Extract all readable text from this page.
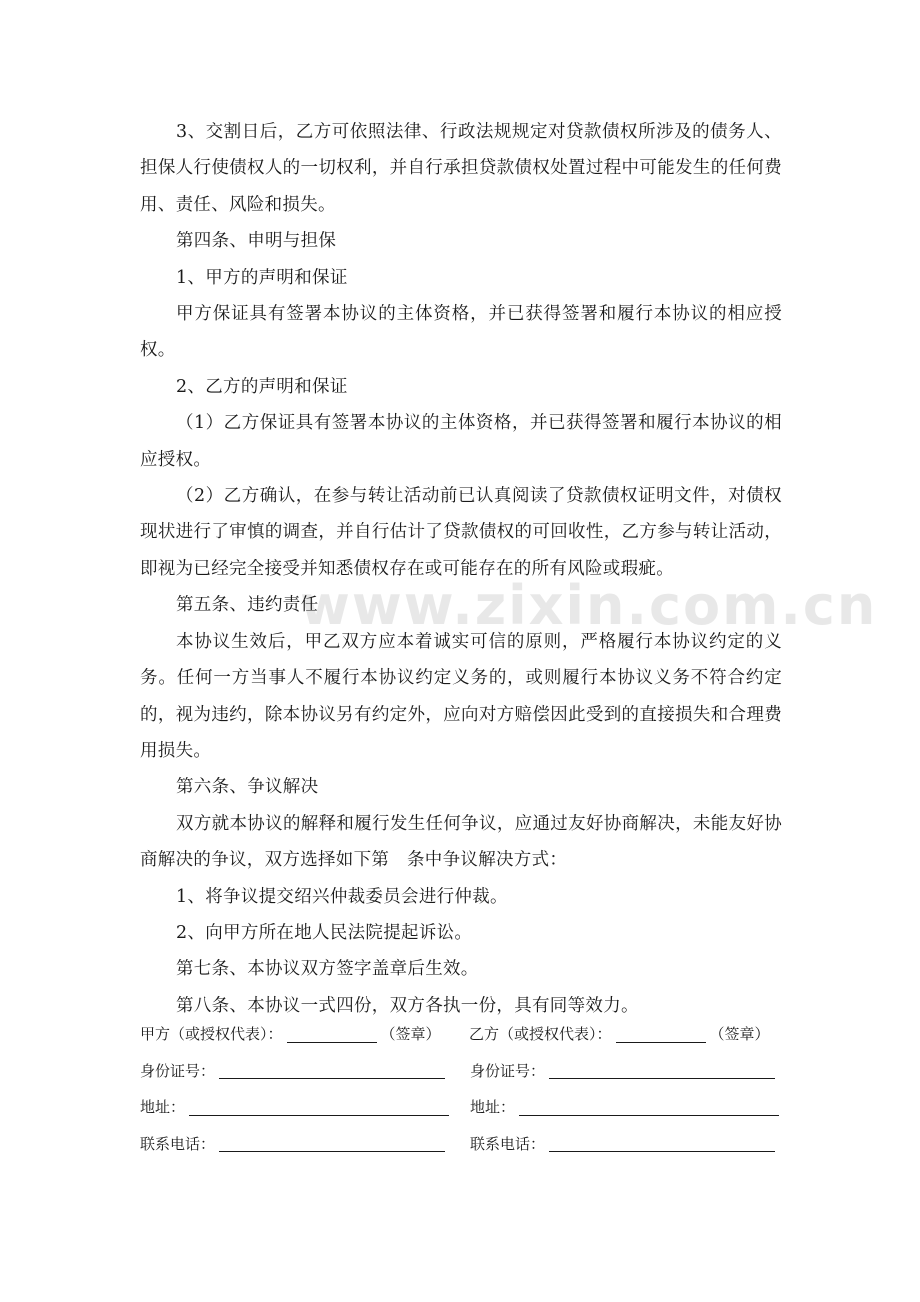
www.zixin.com.cn

3、交割日后，乙方可依照法律、行政法规规定对贷款债权所涉及的债务人、担保人行使债权人的一切权利，并自行承担贷款债权处置过程中可能发生的任何费用、责任、风险和损失。

第四条、申明与担保

1、甲方的声明和保证

甲方保证具有签署本协议的主体资格，并已获得签署和履行本协议的相应授权。

2、乙方的声明和保证

（1）乙方保证具有签署本协议的主体资格，并已获得签署和履行本协议的相应授权。

（2）乙方确认，在参与转让活动前已认真阅读了贷款债权证明文件，对债权现状进行了审慎的调查，并自行估计了贷款债权的可回收性，乙方参与转让活动，即视为已经完全接受并知悉债权存在或可能存在的所有风险或瑕疵。

第五条、违约责任

本协议生效后，甲乙双方应本着诚实可信的原则，严格履行本协议约定的义务。任何一方当事人不履行本协议约定义务的，或则履行本协议义务不符合约定的，视为违约，除本协议另有约定外，应向对方赔偿因此受到的直接损失和合理费用损失。

第六条、争议解决

双方就本协议的解释和履行发生任何争议，应通过友好协商解决，未能友好协商解决的争议，双方选择如下第　条中争议解决方式：

1、将争议提交绍兴仲裁委员会进行仲裁。

2、向甲方所在地人民法院提起诉讼。

第七条、本协议双方签字盖章后生效。

第八条、本协议一式四份，双方各执一份，具有同等效力。

甲方（或授权代表）：	（签章） 乙方（或授权代表）：	（签章）
身份证号：	身份证号：
地址：	地址：
联系电话：	联系电话：
